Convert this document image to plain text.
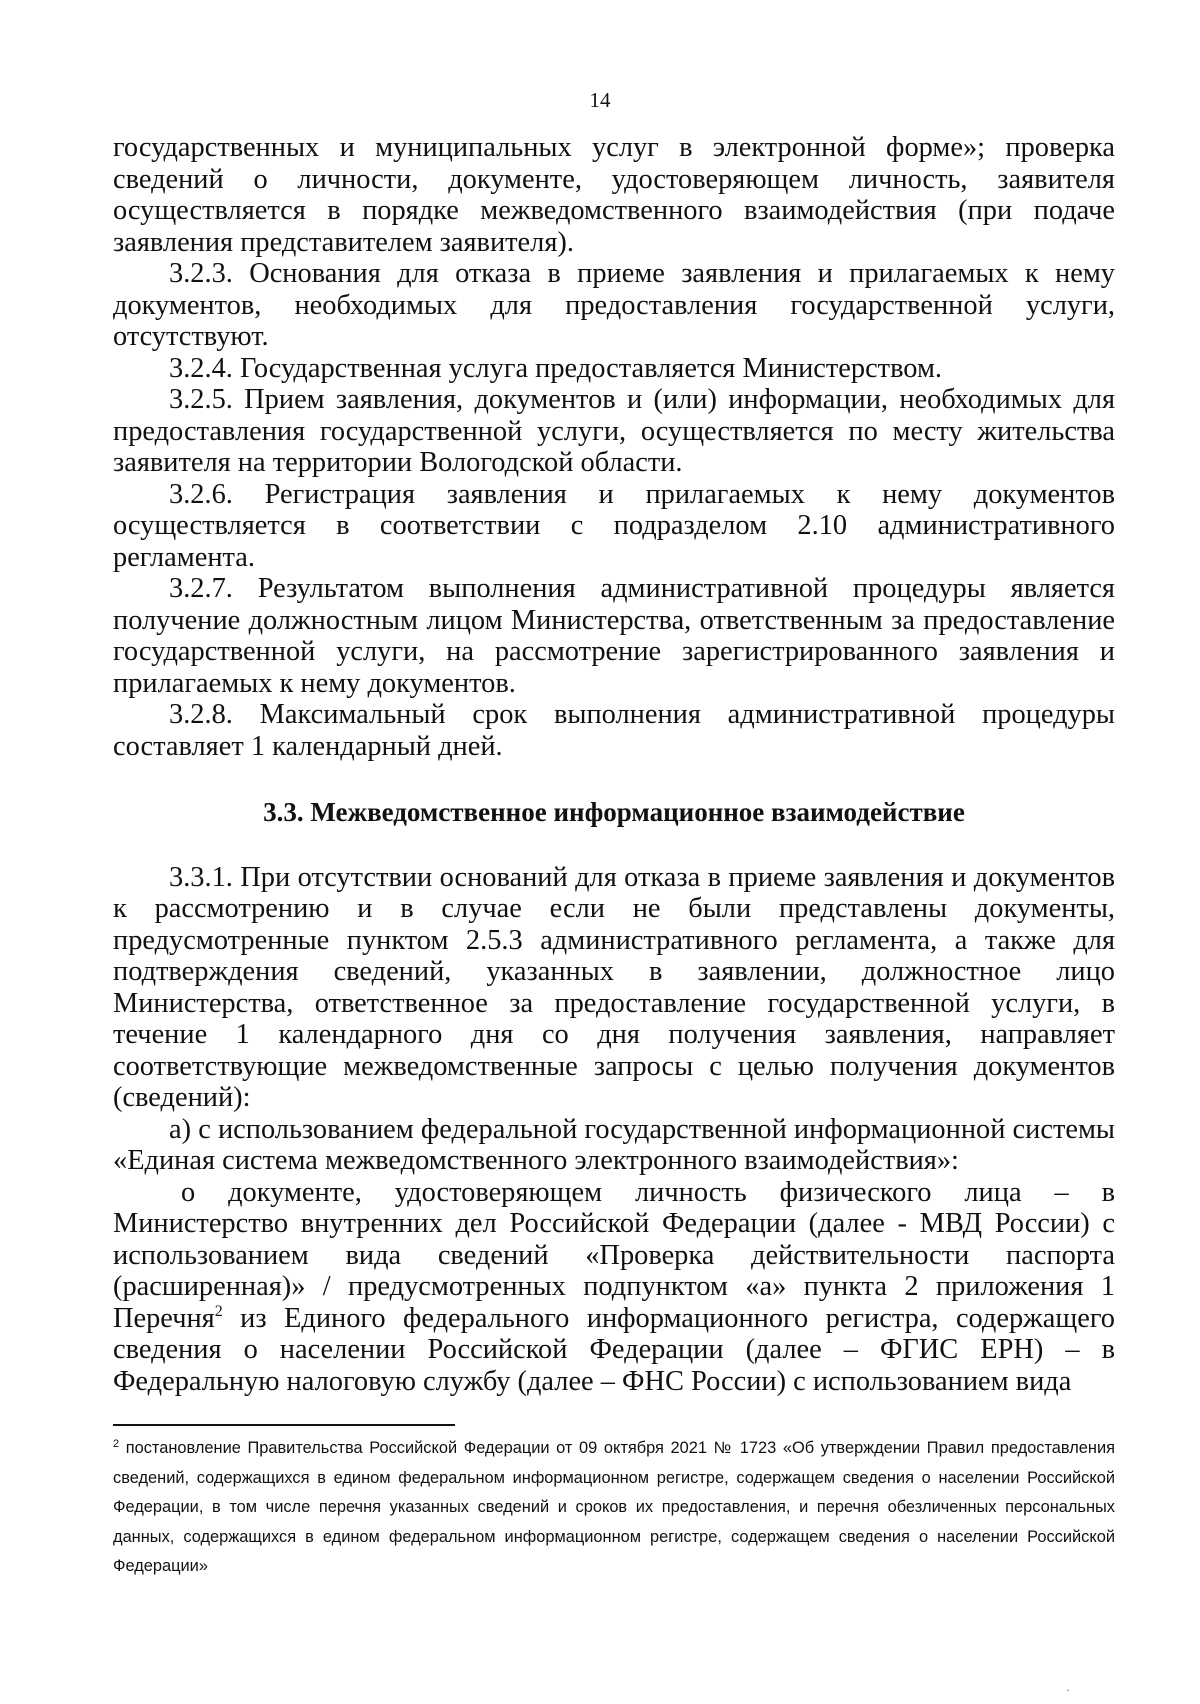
14

государственных и муниципальных услуг в электронной форме»; проверка сведений о личности, документе, удостоверяющем личность, заявителя осуществляется в порядке межведомственного взаимодействия (при подаче заявления представителем заявителя).

3.2.3. Основания для отказа в приеме заявления и прилагаемых к нему документов, необходимых для предоставления государственной услуги, отсутствуют.

3.2.4. Государственная услуга предоставляется Министерством.

3.2.5. Прием заявления, документов и (или) информации, необходимых для предоставления государственной услуги, осуществляется по месту жительства заявителя на территории Вологодской области.

3.2.6. Регистрация заявления и прилагаемых к нему документов осуществляется в соответствии с подразделом 2.10 административного регламента.

3.2.7. Результатом выполнения административной процедуры является получение должностным лицом Министерства, ответственным за предоставление государственной услуги, на рассмотрение зарегистрированного заявления и прилагаемых к нему документов.

3.2.8. Максимальный срок выполнения административной процедуры составляет 1 календарный дней.

3.3. Межведомственное информационное взаимодействие

3.3.1. При отсутствии оснований для отказа в приеме заявления и документов к рассмотрению и в случае если не были представлены документы, предусмотренные пунктом 2.5.3 административного регламента, а также для подтверждения сведений, указанных в заявлении, должностное лицо Министерства, ответственное за предоставление государственной услуги, в течение 1 календарного дня со дня получения заявления, направляет соответствующие межведомственные запросы с целью получения документов (сведений):

а) с использованием федеральной государственной информационной системы «Единая система межведомственного электронного взаимодействия»:

о документе, удостоверяющем личность физического лица – в Министерство внутренних дел Российской Федерации (далее - МВД России) с использованием вида сведений «Проверка действительности паспорта (расширенная)» / предусмотренных подпунктом «а» пункта 2 приложения 1 Перечня$^2$ из Единого федерального информационного регистра, содержащего сведения о населении Российской Федерации (далее – ФГИС ЕРН) – в Федеральную налоговую службу (далее – ФНС России) с использованием вида

$^2$ постановление Правительства Российской Федерации от 09 октября 2021 № 1723 «Об утверждении Правил предоставления сведений, содержащихся в едином федеральном информационном регистре, содержащем сведения о населении Российской Федерации, в том числе перечня указанных сведений и сроков их предоставления, и перечня обезличенных персональных данных, содержащихся в едином федеральном информационном регистре, содержащем сведения о населении Российской Федерации»
·
